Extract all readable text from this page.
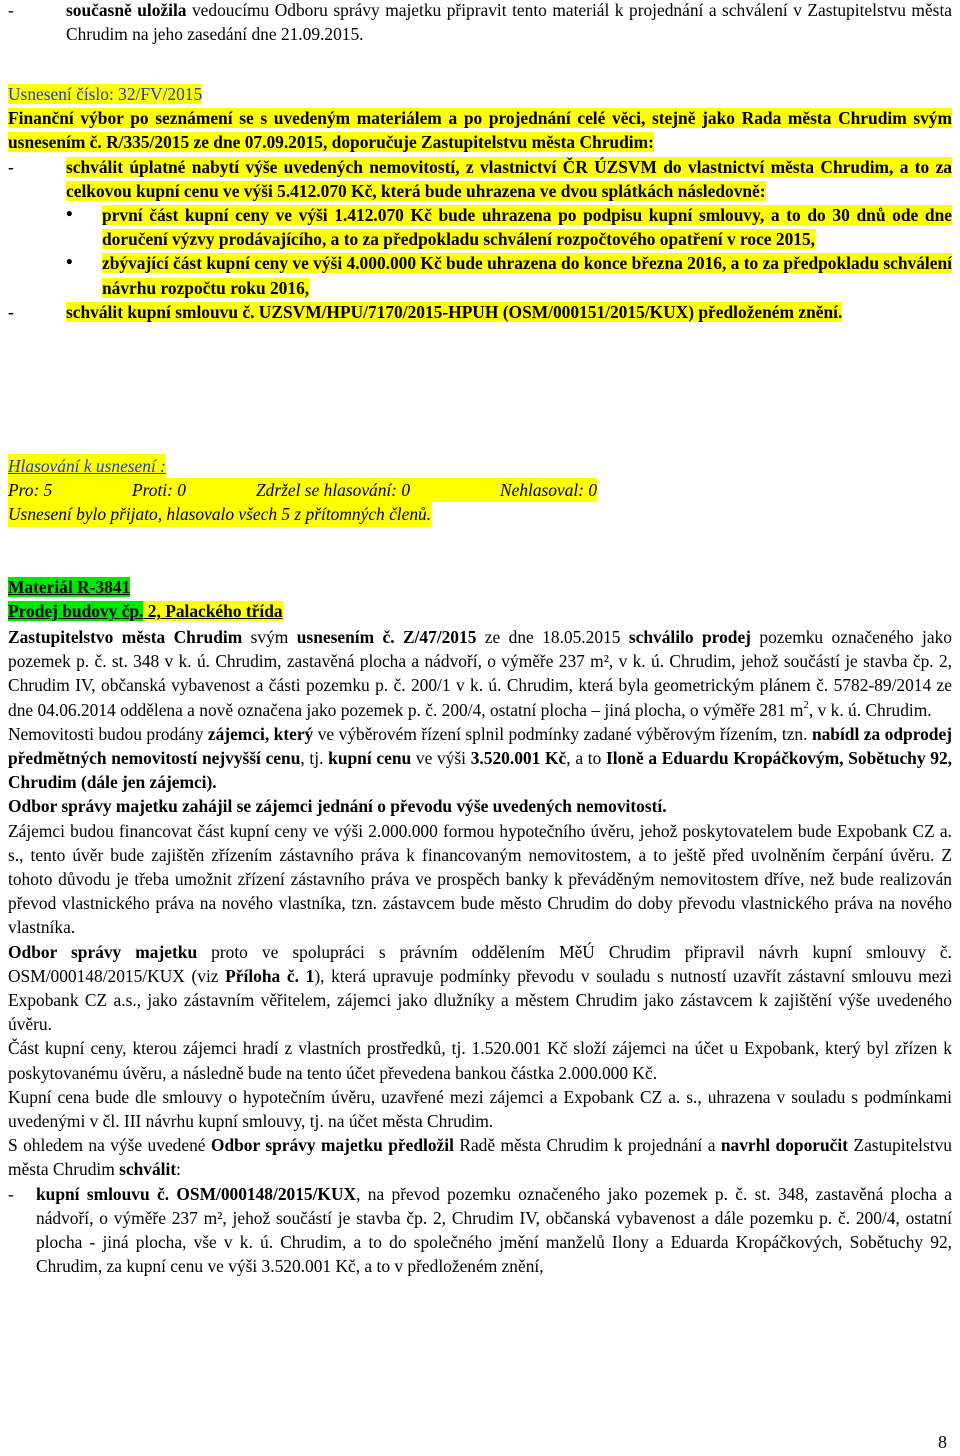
-	současně uložila vedoucímu Odboru správy majetku připravit tento materiál k projednání a schválení v Zastupitelstvu města Chrudim na jeho zasedání dne 21.09.2015.

Usnesení číslo: 32/FV/2015

Finanční výbor po seznámení se s uvedeným materiálem a po projednání celé věci, stejně jako Rada města Chrudim svým usnesením č. R/335/2015 ze dne 07.09.2015, doporučuje Zastupitelstvu města Chrudim:

-	schválit úplatné nabytí výše uvedených nemovitostí, z vlastnictví ČR ÚZSVM do vlastnictví města Chrudim, a to za celkovou kupní cenu ve výši 5.412.070 Kč, která bude uhrazena ve dvou splátkách následovně:
• první část kupní ceny ve výši 1.412.070 Kč bude uhrazena po podpisu kupní smlouvy, a to do 30 dnů ode dne doručení výzvy prodávajícího, a to za předpokladu schválení rozpočtového opatření v roce 2015,
• zbývající část kupní ceny ve výši 4.000.000 Kč bude uhrazena do konce března 2016, a to za předpokladu schválení návrhu rozpočtu roku 2016,
-	schválit kupní smlouvu č. UZSVM/HPU/7170/2015-HPUH (OSM/000151/2015/KUX) předloženém znění.
Hlasování k usnesení :
Pro: 5	Proti: 0	Zdržel se hlasování: 0	Nehlasoval: 0
Usnesení bylo přijato, hlasovalo všech 5 z přítomných členů.
Materiál R-3841
Prodej budovy čp. 2, Palackého třída

Zastupitelstvo města Chrudim svým usnesením č. Z/47/2015 ze dne 18.05.2015 schválilo prodej pozemku označeného jako pozemek p. č. st. 348 v k. ú. Chrudim, zastavěná plocha a nádvoří, o výměře 237 m², v k. ú. Chrudim, jehož součástí je stavba čp. 2, Chrudim IV, občanská vybavenost a části pozemku p. č. 200/1 v k. ú. Chrudim, která byla geometrickým plánem č. 5782-89/2014 ze dne 04.06.2014 oddělena a nově označena jako pozemek p. č. 200/4, ostatní plocha – jiná plocha, o výměře 281 $m^2$, v k. ú. Chrudim.

Nemovitosti budou prodány zájemci, který ve výběrovém řízení splnil podmínky zadané výběrovým řízením, tzn. nabídl za odprodej předmětných nemovitostí nejvyšší cenu, tj. kupní cenu ve výši 3.520.001 Kč, a to Iloně a Eduardu Kropáčkovým, Sobětuchy 92, Chrudim (dále jen zájemci).

Odbor správy majetku zahájil se zájemci jednání o převodu výše uvedených nemovitostí.

Zájemci budou financovat část kupní ceny ve výši 2.000.000 formou hypotečního úvěru, jehož poskytovatelem bude Expobank CZ a. s., tento úvěr bude zajištěn zřízením zástavního práva k financovaným nemovitostem, a to ještě před uvolněním čerpání úvěru. Z tohoto důvodu je třeba umožnit zřízení zástavního práva ve prospěch banky k převáděným nemovitostem dříve, než bude realizován převod vlastnického práva na nového vlastníka, tzn. zástavcem bude město Chrudim do doby převodu vlastnického práva na nového vlastníka.

Odbor správy majetku proto ve spolupráci s právním oddělením MěÚ Chrudim připravil návrh kupní smlouvy č. OSM/000148/2015/KUX (viz Příloha č. 1), která upravuje podmínky převodu v souladu s nutností uzavřít zástavní smlouvu mezi Expobank CZ a.s., jako zástavním věřitelem, zájemci jako dlužníky a městem Chrudim jako zástavcem k zajištění výše uvedeného úvěru.

Část kupní ceny, kterou zájemci hradí z vlastních prostředků, tj. 1.520.001 Kč složí zájemci na účet u Expobank, který byl zřízen k poskytovanému úvěru, a následně bude na tento účet převedena bankou částka 2.000.000 Kč.

Kupní cena bude dle smlouvy o hypotečním úvěru, uzavřené mezi zájemci a Expobank CZ a. s., uhrazena v souladu s podmínkami uvedenými v čl. III návrhu kupní smlouvy, tj. na účet města Chrudim.

S ohledem na výše uvedené Odbor správy majetku předložil Radě města Chrudim k projednání a navrhl doporučit Zastupitelstvu města Chrudim schválit:

- kupní smlouvu č. OSM/000148/2015/KUX, na převod pozemku označeného jako pozemek p. č. st. 348, zastavěná plocha a nádvoří, o výměře 237 m², jehož součástí je stavba čp. 2, Chrudim IV, občanská vybavenost a dále pozemku p. č. 200/4, ostatní plocha - jiná plocha, vše v k. ú. Chrudim, a to do společného jmění manželů Ilony a Eduarda Kropáčkových, Sobětuchy 92, Chrudim, za kupní cenu ve výši 3.520.001 Kč, a to v předloženém znění,
8
